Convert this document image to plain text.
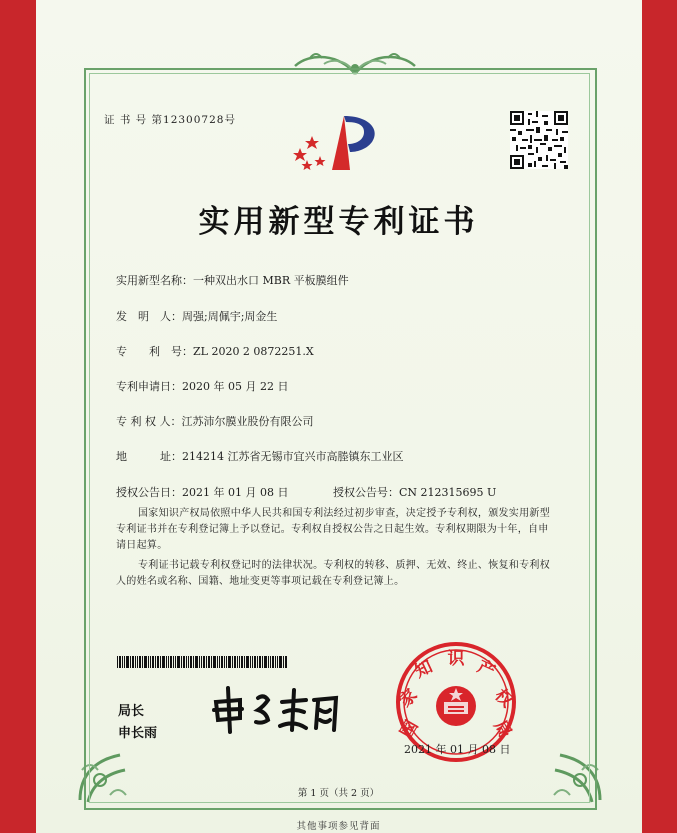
证 书 号 第12300728号
实用新型专利证书
实用新型名称：一种双出水口 MBR 平板膜组件
发　明　人：周强;周佩宇;周金生
专　　利　号：ZL 2020 2 0872251.X
专利申请日：2020 年 05 月 22 日
专 利 权 人：江苏沛尔膜业股份有限公司
地　　　址：214214 江苏省无锡市宜兴市高塍镇东工业区
授权公告日：2021 年 01 月 08 日	授权公告号：CN 212315695 U

国家知识产权局依照中华人民共和国专利法经过初步审查，决定授予专利权，颁发实用新型专利证书并在专利登记簿上予以登记。专利权自授权公告之日起生效。专利权期限为十年，自申请日起算。

专利证书记载专利权登记时的法律状况。专利权的转移、质押、无效、终止、恢复和专利权人的姓名或名称、国籍、地址变更等事项记载在专利登记簿上。

局长
申长雨	国
家
知 识 产
权
局
2021 年 01 月 08 日
第 1 页（共 2 页）
其他事项参见背面
